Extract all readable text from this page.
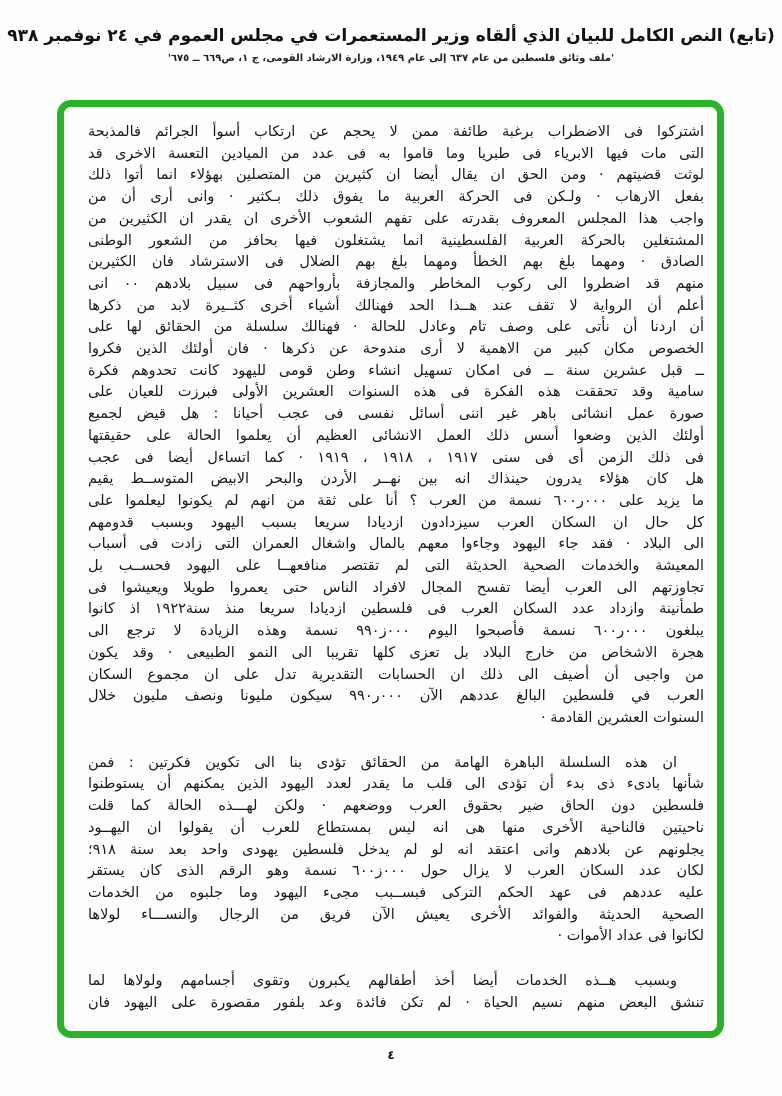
(تابع) النص الكامل للبيان الذي ألقاه وزير المستعمرات في مجلس العموم في ٢٤ نوفمبر ٩٣٨
'ملف وثائق فلسطين من عام ٦٣٧ إلى عام ١٩٤٩، وزارة الارشاد القومى، ج ١، ص٦٦٩ ــ ٦٧٥'
اشتركوا فى الاضطراب برغبة طائفة ممن لا يحجم عن ارتكاب أسوأ الجرائم فالمذبحة
التى مات فيها الابرياء فى طبريا وما قاموا به فى عدد من الميادين التعسة الاخرى قد
لوثت قضيتهم · ومن الحق ان يقال أيضا ان كثيرين من المتصلين بهؤلاء انما أتوا ذلك
بفعل الارهاب · ولـكن فى الحركة العربية ما يفوق ذلك بـكثير · وانى أرى أن من
واجب هذا المجلس المعروف بقدرته على تفهم الشعوب الأخرى ان يقدر ان الكثيرين من
المشتغلين بالحركة العربية الفلسطينية انما يشتغلون فيها بحافز من الشعور الوطنى
الصادق · ومهما بلغ بهم الخطأ ومهما بلغ بهم الضلال فى الاسترشاد فان الكثيرين
منهم قد اضطروا الى ركوب المخاطر والمجازفة بأرواحهم فى سبيل بلادهم ٠٠ انى
أعلم أن الرواية لا تقف عند هــذا الحد فهنالك أشياء أخرى كثــيرة لابد من ذكرها
أن اردنا أن نأتى على وصف تام وعادل للحالة · فهنالك سلسلة من الحقائق لها على
الخصوص مكان كبير من الاهمية لا أرى مندوحة عن ذكرها · فان أولئك الذين فكروا
ــ قبل عشرين سنة ــ فى امكان تسهيل انشاء وطن قومى لليهود كانت تحدوهم فكرة
سامية وقد تحققت هذه الفكرة فى هذه السنوات العشرين الأولى فبرزت للعيان على
صورة عمل انشائى باهر غير اننى أسائل نفسى فى عجب أحيانا : هل قيض لجميع
أولئك الذين وضعوا أسس ذلك العمل الانشائى العظيم أن يعلموا الحالة على حقيقتها
فى ذلك الزمن أى فى سنى ١٩١٧ ، ١٩١٨ ، ١٩١٩ · كما اتساءل أيضا فى عجب
هل كان هؤلاء يدرون حينذاك انه بين نهــر الأردن والبحر الابيض المتوســط يقيم
ما يزيد على ‭٦٠٠ر٠٠٠‬ نسمة من العرب ؟ أنا على ثقة من انهم لم يكونوا ليعلموا على
كل حال ان السكان العرب سيزدادون ازديادا سريعا بسبب اليهود وبسبب قدومهم
الى البلاد · فقد جاء اليهود وجاءوا معهم بالمال واشغال العمران التى زادت فى أسباب
المعيشة والخدمات الصحية الحديثة التى لم تقتصر منافعهــا على اليهود فحســب بل
تجاوزتهم الى العرب أيضا تفسح المجال لافراد الناس حتى يعمروا طويلا ويعيشوا فى
طمأنينة وازداد عدد السكان العرب فى فلسطين ازديادا سريعا منذ سنة١٩٢٢ اذ كانوا
يبلغون ‭٦٠٠ر٠٠٠‬ نسمة فأصبحوا اليوم ‭٩٩٠ز٠٠٠‬ نسمة وهذه الزيادة لا ترجع الى
هجرة الاشخاص من خارج البلاد بل تعزى كلها تقريبا الى النمو الطبيعى · وقد يكون
من واجبى أن أضيف الى ذلك ان الحسابات التقديرية تدل على ان مجموع السكان
العرب في فلسطين البالغ عددهم الآن ‭٩٩٠ر٠٠٠‬ سيكون مليونا ونصف مليون خلال
السنوات العشرين القادمة ·
ان هذه السلسلة الباهرة الهامة من الحقائق تؤدى بنا الى تكوين فكرتين : فمن
شأنها بادىء ذى بدء أن تؤدى الى قلب ما يقدر لعدد اليهود الذين يمكنهم أن يستوطنوا
فلسطين دون الحاق ضير بحقوق العرب ووضعهم · ولكن لهـــذه الحالة كما قلت
ناحيتين فالناحية الأخرى منها هى انه ليس بمستطاع للعرب أن يقولوا ان اليهــود
يجلونهم عن بلادهم وانى اعتقد انه لو لم يدخل فلسطين يهودى واحد بعد سنة ٩١٨؛
لكان عدد السكان العرب لا يزال حول ‭٦٠٠ز٠٠٠‬ نسمة وهو الرقم الذى كان يستقر
عليه عددهم فى عهد الحكم التركى فبســبب مجىء اليهود وما جلبوه من الخدمات
الصحية الحديثة والفوائد الأخرى يعيش الآن فريق من الرجال والنســـاء لولاها
لكانوا فى عداد الأموات ·
وبسبب هــذه الخدمات أيضا أخذ أطفالهم يكبرون وتقوى أجسامهم ولولاها لما
تنشق البعض منهم نسيم الحياة · لم تكن فائدة وعد بلفور مقصورة على اليهود فان
٤
